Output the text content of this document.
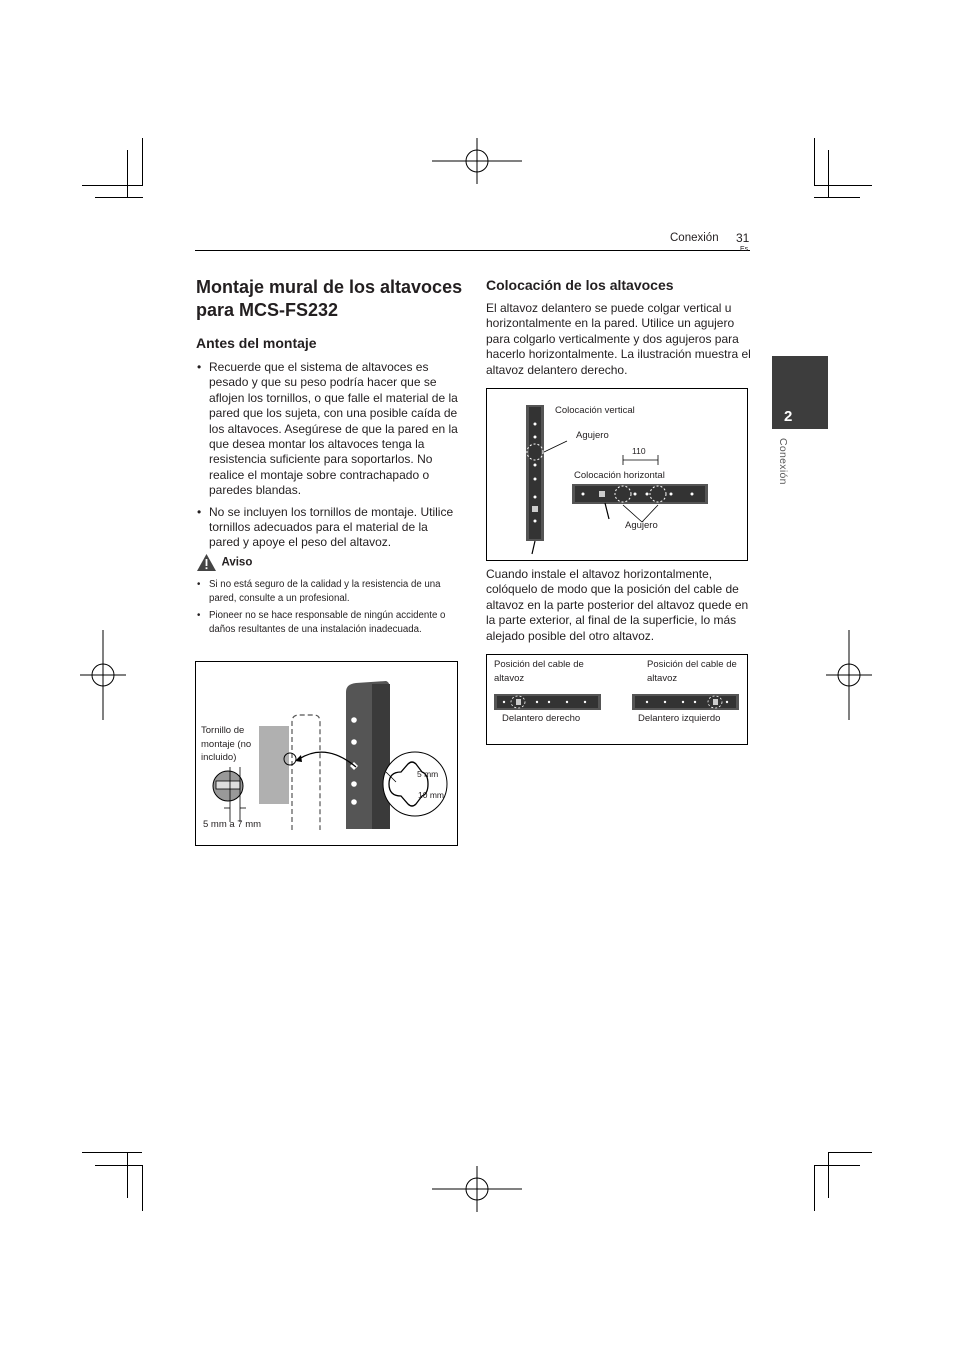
Conexión 31
Es
2
Conexión
Montaje mural de los altavoces para MCS-FS232
Antes del montaje
• Recuerde que el sistema de altavoces es pesado y que su peso podría hacer que se aflojen los tornillos, o que falle el material de la pared que los sujeta, con una posible caída de los altavoces. Asegúrese de que la pared en la que desea montar los altavoces tenga la resistencia suficiente para soportarlos. No realice el montaje sobre contrachapado o paredes blandas.
• No se incluyen los tornillos de montaje. Utilice tornillos adecuados para el material de la pared y apoye el peso del altavoz.
Aviso
• Si no está seguro de la calidad y la resistencia de una pared, consulte a un profesional.
• Pioneer no se hace responsable de ningún accidente o daños resultantes de una instalación inadecuada.
Tornillo de montaje (no incluido)
5 mm a 7 mm
5 mm
10 mm
Colocación de los altavoces

El altavoz delantero se puede colgar vertical u horizontalmente en la pared. Utilice un agujero para colgarlo verticalmente y dos agujeros para hacerlo horizontalmente. La ilustración muestra el altavoz delantero derecho.

Colocación vertical
Agujero
110
Colocación horizontal
Agujero

Cuando instale el altavoz horizontalmente, colóquelo de modo que la posición del cable de altavoz en la parte posterior del altavoz quede en la parte exterior, al final de la superficie, lo más alejado posible del otro altavoz.

Posición del cable de altavoz
Posición del cable de altavoz
Delantero derecho	Delantero izquierdo
